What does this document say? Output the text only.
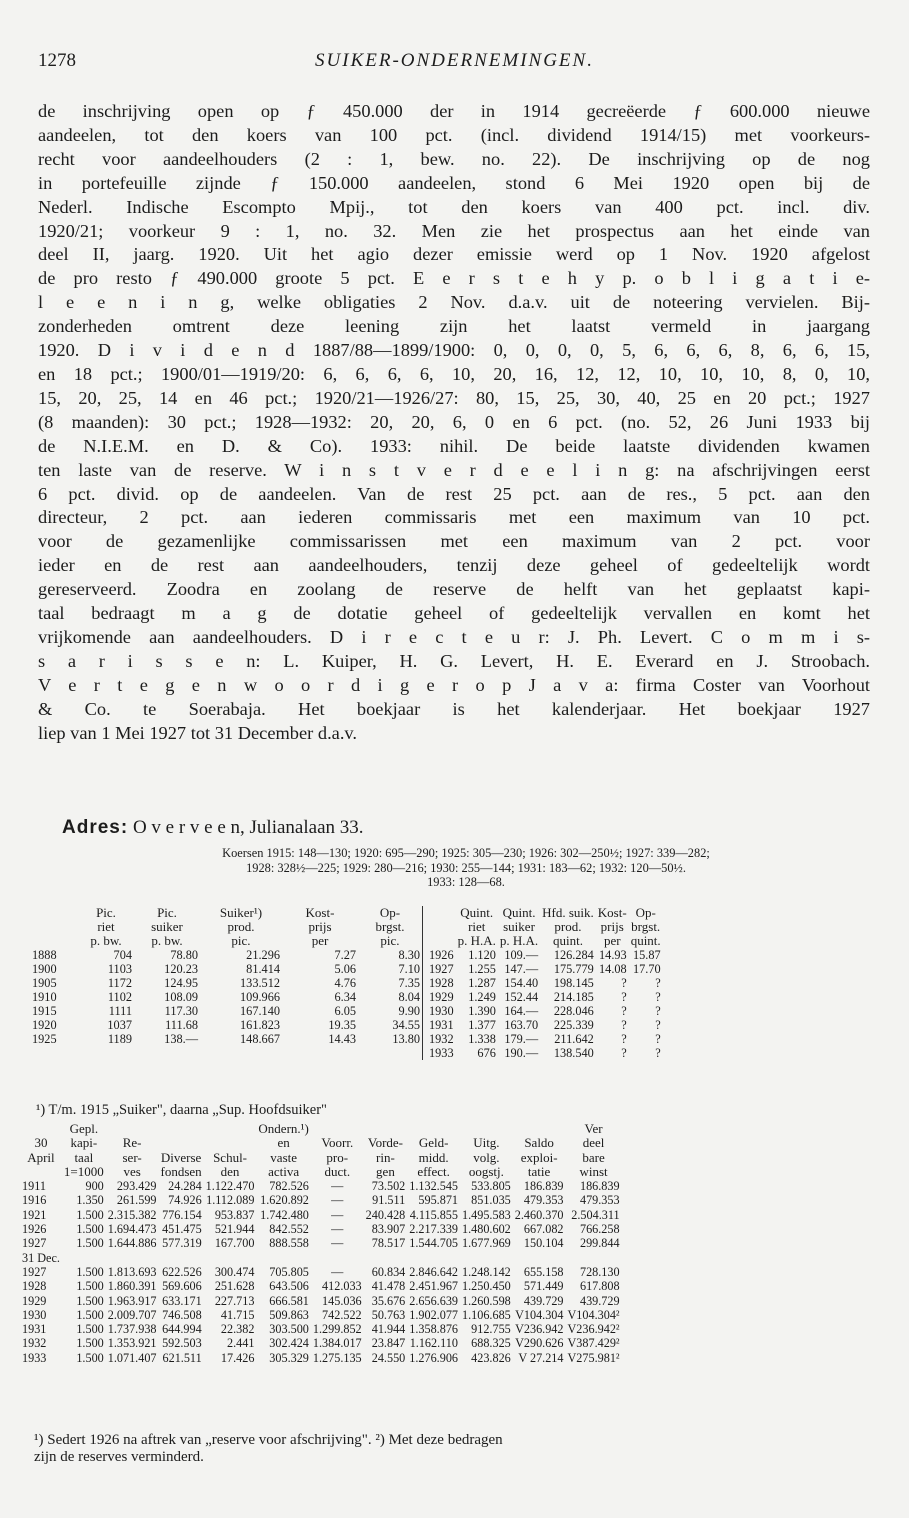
1278	SUIKER-ONDERNEMINGEN.
de inschrijving open op ƒ 450.000 der in 1914 gecreëerde ƒ 600.000 nieuwe
aandeelen, tot den koers van 100 pct. (incl. dividend 1914/15) met voorkeurs-
recht voor aandeelhouders (2 : 1, bew. no. 22). De inschrijving op de nog
in portefeuille zijnde ƒ 150.000 aandeelen, stond 6 Mei 1920 open bij de
Nederl. Indische Escompto Mpij., tot den koers van 400 pct. incl. div.
1920/21; voorkeur 9 : 1, no. 32. Men zie het prospectus aan het einde van
deel II, jaarg. 1920. Uit het agio dezer emissie werd op 1 Nov. 1920 afgelost
de pro resto ƒ 490.000 groote 5 pct. E e r s t e h y p. o b l i g a t i e-
l e e n i n g, welke obligaties 2 Nov. d.a.v. uit de noteering vervielen. Bij-
zonderheden omtrent deze leening zijn het laatst vermeld in jaargang
1920. D i v i d e n d 1887/88—1899/1900: 0, 0, 0, 0, 5, 6, 6, 6, 8, 6, 6, 15,
en 18 pct.; 1900/01—1919/20: 6, 6, 6, 6, 10, 20, 16, 12, 12, 10, 10, 10, 8, 0, 10,
15, 20, 25, 14 en 46 pct.; 1920/21—1926/27: 80, 15, 25, 30, 40, 25 en 20 pct.; 1927
(8 maanden): 30 pct.; 1928—1932: 20, 20, 6, 0 en 6 pct. (no. 52, 26 Juni 1933 bij
de N.I.E.M. en D. & Co). 1933: nihil. De beide laatste dividenden kwamen
ten laste van de reserve. W i n s t v e r d e e l i n g: na afschrijvingen eerst
6 pct. divid. op de aandeelen. Van de rest 25 pct. aan de res., 5 pct. aan den
directeur, 2 pct. aan iederen commissaris met een maximum van 10 pct.
voor de gezamenlijke commissarissen met een maximum van 2 pct. voor
ieder en de rest aan aandeelhouders, tenzij deze geheel of gedeeltelijk wordt
gereserveerd. Zoodra en zoolang de reserve de helft van het geplaatst kapi-
taal bedraagt m a g de dotatie geheel of gedeeltelijk vervallen en komt het
vrijkomende aan aandeelhouders. D i r e c t e u r: J. Ph. Levert. C o m m i s-
s a r i s s e n: L. Kuiper, H. G. Levert, H. E. Everard en J. Stroobach.
V e r t e g e n w o o r d i g e r o p J a v a: firma Coster van Voorhout
& Co. te Soerabaja. Het boekjaar is het kalenderjaar. Het boekjaar 1927
liep van 1 Mei 1927 tot 31 December d.a.v.
Adres: O v e r v e e n, Julianalaan 33.
Koersen 1915: 148—130; 1920: 695—290; 1925: 305—230; 1926: 302—250½; 1927: 339—282;
1928: 328½—225; 1929: 280—216; 1930: 255—144; 1931: 183—62; 1932: 120—50½.
1933: 128—68.
	Pic.	Pic.	Suiker¹)	Kost-	Op-			Quint.	Quint.	Hfd. suik.	Kost-	Op-
	riet	suiker	prod.	prijs	brgst.			riet	suiker	prod.	prijs	brgst.
	p. bw.	p. bw.	pic.	per	pic.			p. H.A.	p. H.A.	quint.	per	quint.
1888	704	78.80	21.296	7.27	8.30		1926	1.120	109.—	126.284	14.93	15.87
1900	1103	120.23	81.414	5.06	7.10		1927	1.255	147.—	175.779	14.08	17.70
1905	1172	124.95	133.512	4.76	7.35		1928	1.287	154.40	198.145	?	?
1910	1102	108.09	109.966	6.34	8.04		1929	1.249	152.44	214.185	?	?
1915	1111	117.30	167.140	6.05	9.90		1930	1.390	164.—	228.046	?	?
1920	1037	111.68	161.823	19.35	34.55		1931	1.377	163.70	225.339	?	?
1925	1189	138.—	148.667	14.43	13.80		1932	1.338	179.—	211.642	?	?
							1933	676	190.—	138.540	?	?
¹) T/m. 1915 „Suiker", daarna „Sup. Hoofdsuiker"
	Gepl.				Ondern.¹)						Ver
30	kapi-	Re-			en	Voorr.	Vorde-	Geld-	Uitg.	Saldo	deel
April	taal	ser-	Diverse	Schul-	vaste	pro-	rin-	midd.	volg.	exploi-	bare
	1=1000	ves	fondsen	den	activa	duct.	gen	effect.	oogstj.	tatie	winst
1911	900	293.429	24.284	1.122.470	782.526	—	73.502	1.132.545	533.805	186.839	186.839
1916	1.350	261.599	74.926	1.112.089	1.620.892	—	91.511	595.871	851.035	479.353	479.353
1921	1.500	2.315.382	776.154	953.837	1.742.480	—	240.428	4.115.855	1.495.583	2.460.370	2.504.311
1926	1.500	1.694.473	451.475	521.944	842.552	—	83.907	2.217.339	1.480.602	667.082	766.258
1927	1.500	1.644.886	577.319	167.700	888.558	—	78.517	1.544.705	1.677.969	150.104	299.844
31 Dec.											
1927	1.500	1.813.693	622.526	300.474	705.805	—	60.834	2.846.642	1.248.142	655.158	728.130
1928	1.500	1.860.391	569.606	251.628	643.506	412.033	41.478	2.451.967	1.250.450	571.449	617.808
1929	1.500	1.963.917	633.171	227.713	666.581	145.036	35.676	2.656.639	1.260.598	439.729	439.729
1930	1.500	2.009.707	746.508	41.715	509.863	742.522	50.763	1.902.077	1.106.685	V104.304	V104.304²
1931	1.500	1.737.938	644.994	22.382	303.500	1.299.852	41.944	1.358.876	912.755	V236.942	V236.942²
1932	1.500	1.353.921	592.503	2.441	302.424	1.384.017	23.847	1.162.110	688.325	V290.626	V387.429²
1933	1.500	1.071.407	621.511	17.426	305.329	1.275.135	24.550	1.276.906	423.826	V 27.214	V275.981²
¹) Sedert 1926 na aftrek van „reserve voor afschrijving". ²) Met deze bedragen
zijn de reserves verminderd.
